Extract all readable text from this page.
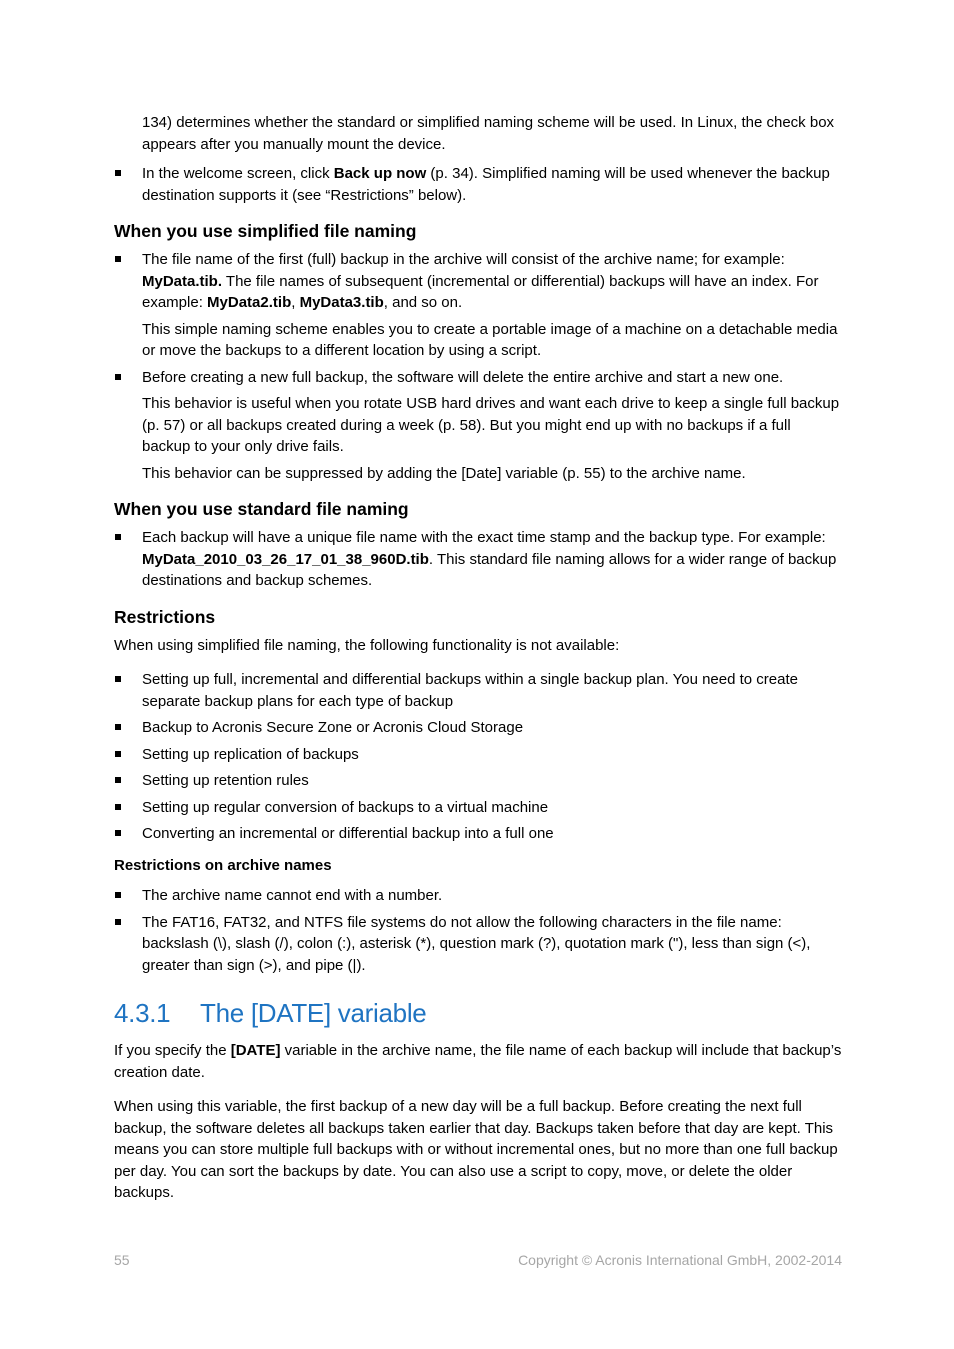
134) determines whether the standard or simplified naming scheme will be used. In Linux, the check box appears after you manually mount the device.

In the welcome screen, click Back up now (p. 34). Simplified naming will be used whenever the backup destination supports it (see “Restrictions” below).
When you use simplified file naming
The file name of the first (full) backup in the archive will consist of the archive name; for example: MyData.tib. The file names of subsequent (incremental or differential) backups will have an index. For example: MyData2.tib, MyData3.tib, and so on.

This simple naming scheme enables you to create a portable image of a machine on a detachable media or move the backups to a different location by using a script.

Before creating a new full backup, the software will delete the entire archive and start a new one.

This behavior is useful when you rotate USB hard drives and want each drive to keep a single full backup (p. 57) or all backups created during a week (p. 58). But you might end up with no backups if a full backup to your only drive fails.

This behavior can be suppressed by adding the [Date] variable (p. 55) to the archive name.

When you use standard file naming
Each backup will have a unique file name with the exact time stamp and the backup type. For example: MyData_2010_03_26_17_01_38_960D.tib. This standard file naming allows for a wider range of backup destinations and backup schemes.
Restrictions

When using simplified file naming, the following functionality is not available:

Setting up full, incremental and differential backups within a single backup plan. You need to create separate backup plans for each type of backup
Backup to Acronis Secure Zone or Acronis Cloud Storage
Setting up replication of backups
Setting up retention rules
Setting up regular conversion of backups to a virtual machine
Converting an incremental or differential backup into a full one
Restrictions on archive names
The archive name cannot end with a number.
The FAT16, FAT32, and NTFS file systems do not allow the following characters in the file name: backslash (\), slash (/), colon (:), asterisk (*), question mark (?), quotation mark ("), less than sign (<), greater than sign (>), and pipe (|).
4.3.1 The [DATE] variable

If you specify the [DATE] variable in the archive name, the file name of each backup will include that backup’s creation date.

When using this variable, the first backup of a new day will be a full backup. Before creating the next full backup, the software deletes all backups taken earlier that day. Backups taken before that day are kept. This means you can store multiple full backups with or without incremental ones, but no more than one full backup per day. You can sort the backups by date. You can also use a script to copy, move, or delete the older backups.

55	Copyright © Acronis International GmbH, 2002-2014
